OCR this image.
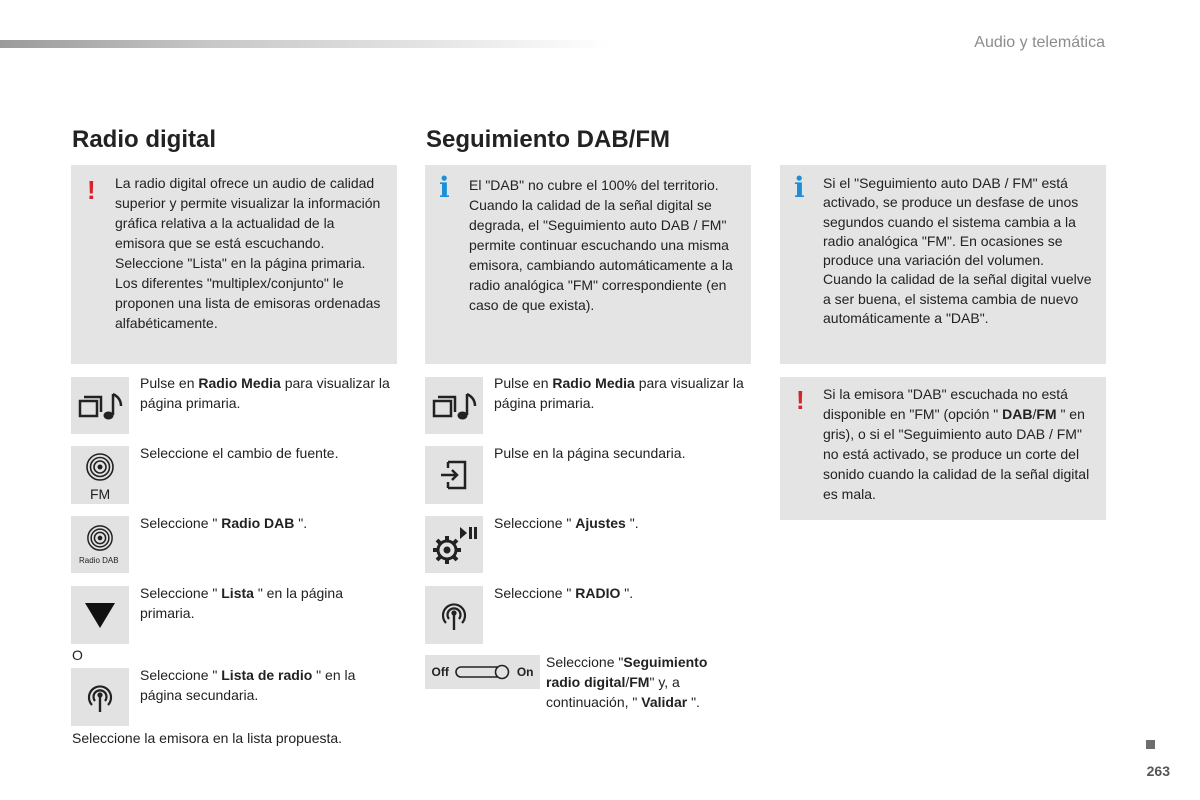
Audio y telemática
Radio digital	Seguimiento DAB/FM
! La radio digital ofrece un audio de calidad superior y permite visualizar la información gráfica relativa a la actualidad de la emisora que se está escuchando. Seleccione "Lista" en la página primaria.
Los diferentes "multiplex/conjunto" le proponen una lista de emisoras ordenadas alfabéticamente.
Pulse en Radio Media para visualizar la página primaria.
FM
Seleccione el cambio de fuente.
Radio DAB
Seleccione " Radio DAB ".
Seleccione " Lista " en la página primaria.
O
Seleccione " Lista de radio " en la página secundaria.
Seleccione la emisora en la lista propuesta.
i El "DAB" no cubre el 100% del territorio.
Cuando la calidad de la señal digital se degrada, el "Seguimiento auto DAB / FM" permite continuar escuchando una misma emisora, cambiando automáticamente a la radio analógica "FM" correspondiente (en caso de que exista).
Pulse en Radio Media para visualizar la página primaria.
Pulse en la página secundaria.
Seleccione " Ajustes ".
Seleccione " RADIO ".
Off	On
Seleccione "Seguimiento radio digital/FM" y, a continuación, " Validar ".
i Si el "Seguimiento auto DAB / FM" está activado, se produce un desfase de unos segundos cuando el sistema cambia a la radio analógica "FM". En ocasiones se produce una variación del volumen.
Cuando la calidad de la señal digital vuelve a ser buena, el sistema cambia de nuevo automáticamente a "DAB".
! Si la emisora "DAB" escuchada no está disponible en "FM" (opción " DAB/FM " en gris), o si el "Seguimiento auto DAB / FM" no está activado, se produce un corte del sonido cuando la calidad de la señal digital es mala.
263
